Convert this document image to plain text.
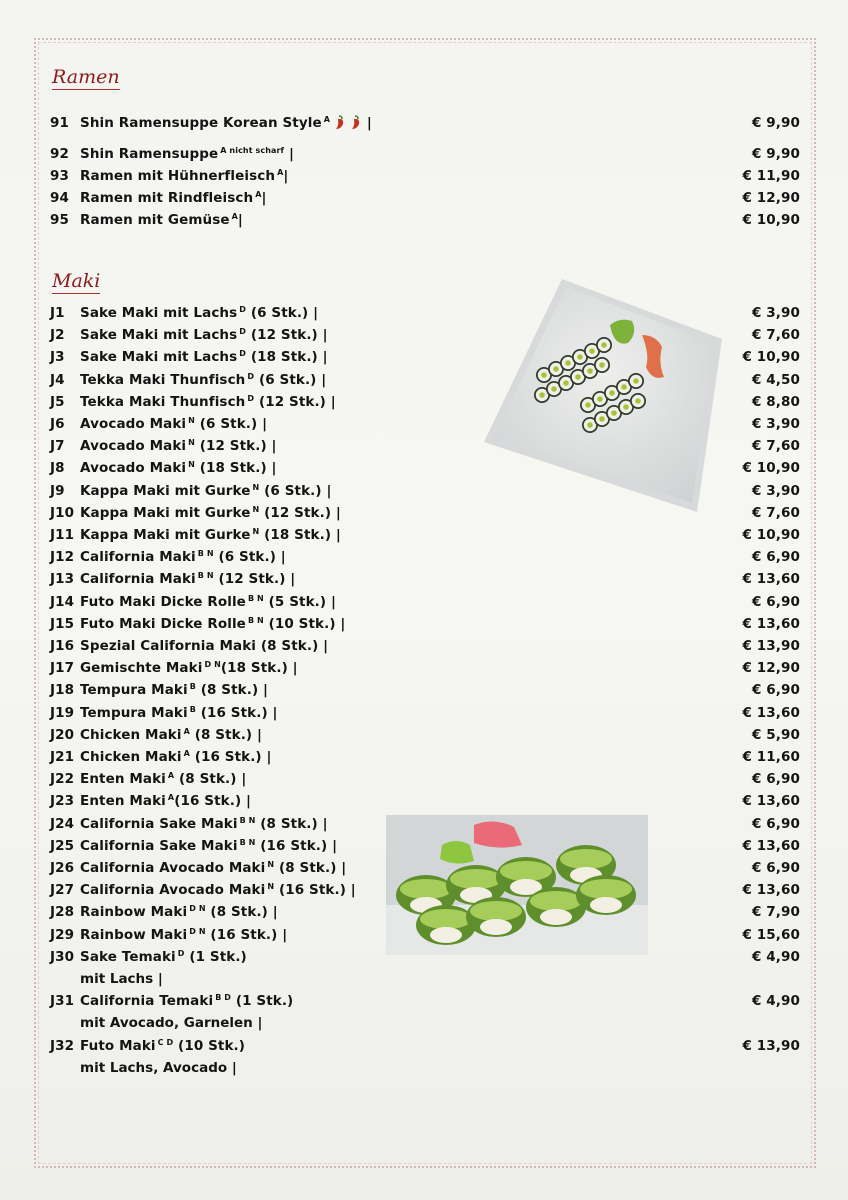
Ramen
91 Shin Ramensuppe Korean Style $^A$ |	€ 9,90
92 Shin Ramensuppe $^{A nicht scharf}$ |	€ 9,90
93 Ramen mit Hühnerfleisch $^A$|	€ 11,90
94 Ramen mit Rindfleisch $^A$|	€ 12,90
95 Ramen mit Gemüse $^A$|	€ 10,90
Maki
J1	Sake Maki mit Lachs $^D$ (6 Stk.) |	€ 3,90
J2	Sake Maki mit Lachs $^D$ (12 Stk.) |	€ 7,60
J3	Sake Maki mit Lachs $^D$ (18 Stk.) |	€ 10,90
J4	Tekka Maki Thunfisch $^D$ (6 Stk.) |	€ 4,50
J5	Tekka Maki Thunfisch $^D$ (12 Stk.) |	€ 8,80
J6	Avocado Maki $^N$ (6 Stk.) |	€ 3,90
J7	Avocado Maki $^N$ (12 Stk.) |	€ 7,60
J8	Avocado Maki $^N$ (18 Stk.) |	€ 10,90
J9	Kappa Maki mit Gurke $^N$ (6 Stk.) |	€ 3,90
J10 Kappa Maki mit Gurke $^N$ (12 Stk.) |	€ 7,60
J11 Kappa Maki mit Gurke $^N$ (18 Stk.) |	€ 10,90
J12 California Maki $^{B N}$ (6 Stk.) |	€ 6,90
J13 California Maki $^{B N}$ (12 Stk.) |	€ 13,60
J14 Futo Maki Dicke Rolle $^{B N}$ (5 Stk.) |	€ 6,90
J15 Futo Maki Dicke Rolle $^{B N}$ (10 Stk.) |	€ 13,60
J16 Spezial California Maki (8 Stk.) |	€ 13,90
J17 Gemischte Maki $^{D N}$(18 Stk.) |	€ 12,90
J18 Tempura Maki $^B$ (8 Stk.) |	€ 6,90
J19 Tempura Maki $^B$ (16 Stk.) |	€ 13,60
J20 Chicken Maki $^A$ (8 Stk.) |	€ 5,90
J21 Chicken Maki $^A$ (16 Stk.) |	€ 11,60
J22 Enten Maki $^A$ (8 Stk.) |	€ 6,90
J23 Enten Maki $^A$(16 Stk.) |	€ 13,60
J24 California Sake Maki $^{B N}$ (8 Stk.) |	€ 6,90
J25 California Sake Maki $^{B N}$ (16 Stk.) |	€ 13,60
J26 California Avocado Maki $^N$ (8 Stk.) |	€ 6,90
J27 California Avocado Maki $^N$ (16 Stk.) |	€ 13,60
J28 Rainbow Maki $^{D N}$ (8 Stk.) |	€ 7,90
J29 Rainbow Maki $^{D N}$ (16 Stk.) |	€ 15,60
J30 Sake Temaki $^D$ (1 Stk.)	€ 4,90
mit Lachs |
J31 California Temaki $^{B D}$ (1 Stk.)	€ 4,90
mit Avocado, Garnelen |
J32 Futo Maki $^{C D}$ (10 Stk.)	€ 13,90
mit Lachs, Avocado |
